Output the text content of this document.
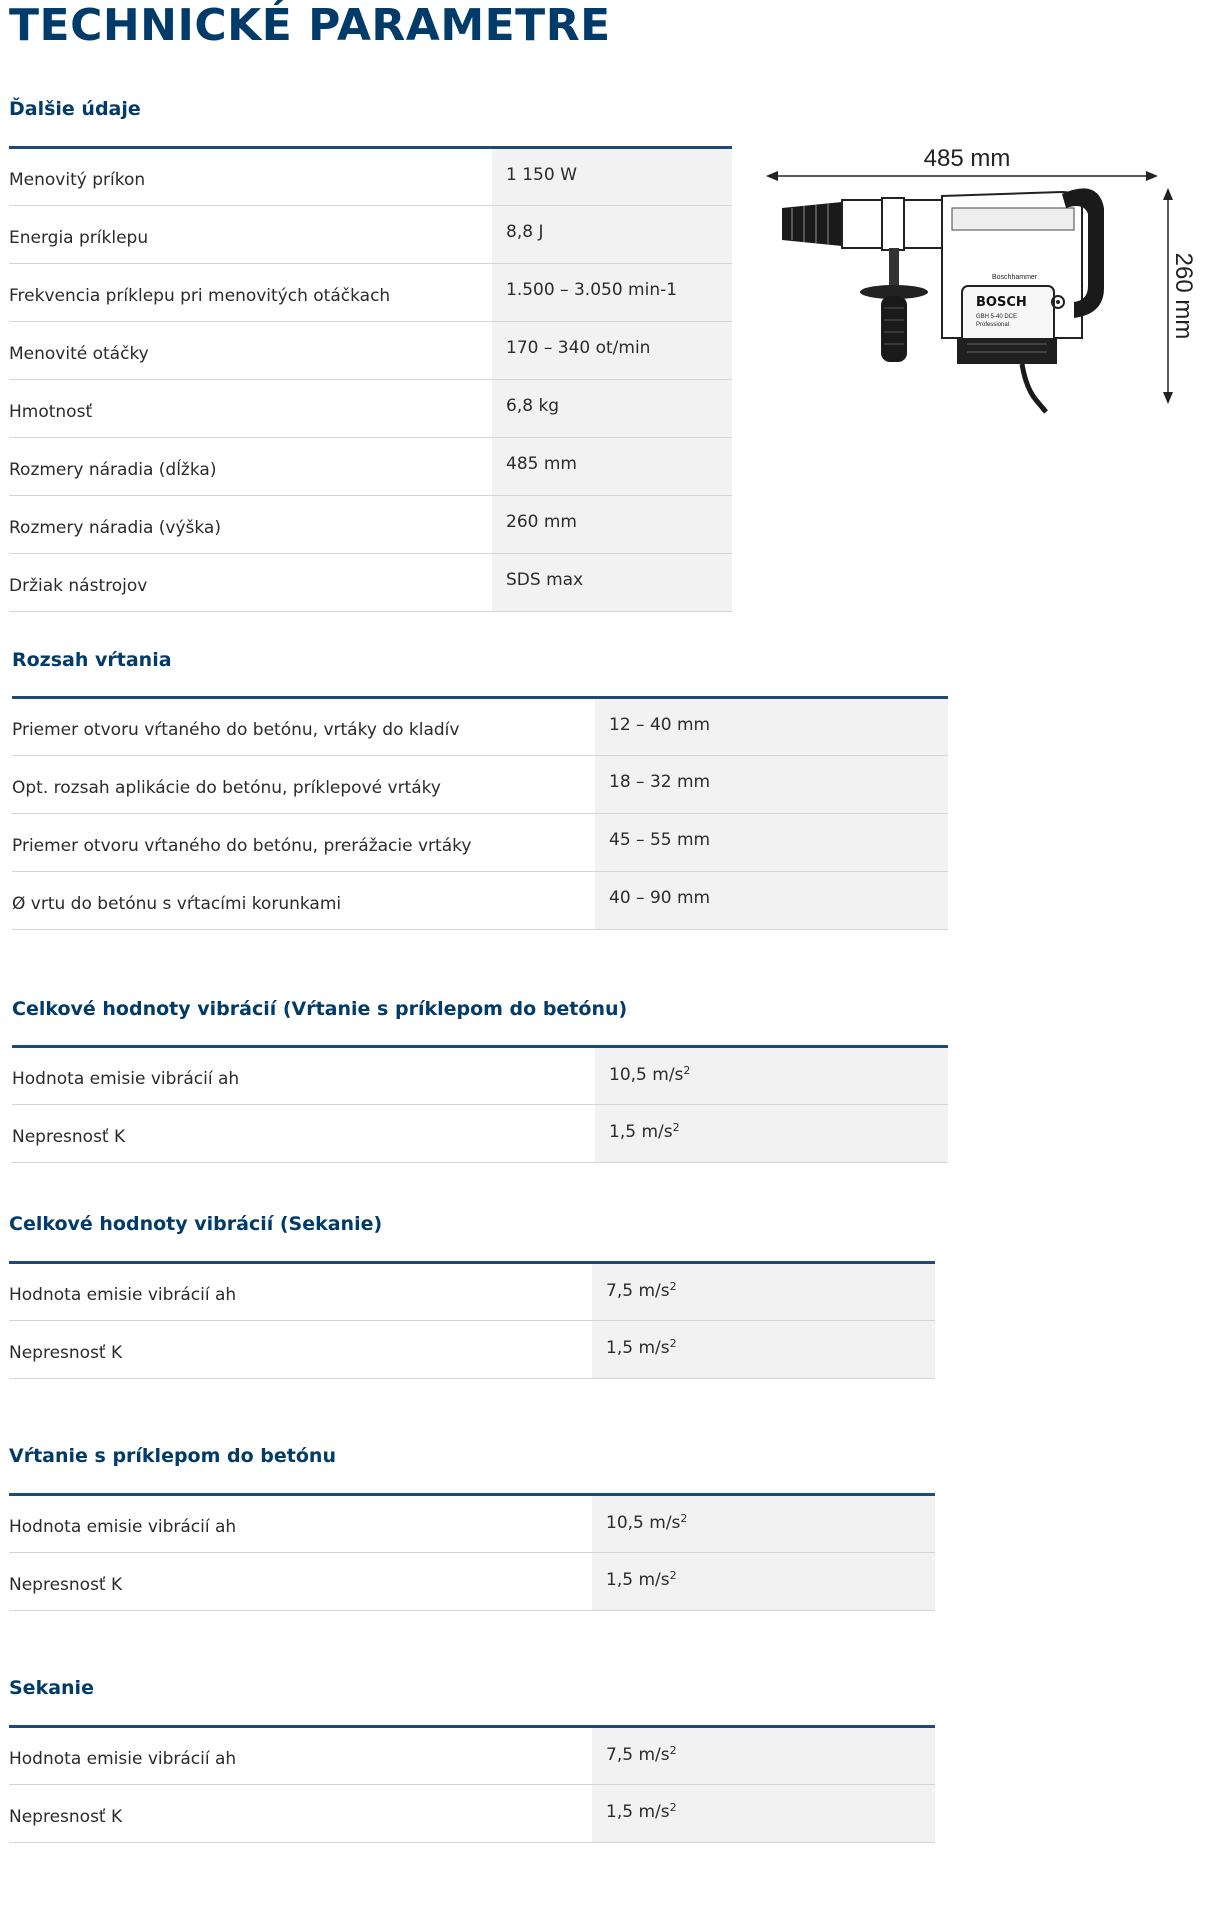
TECHNICKÉ PARAMETRE
Ďalšie údaje
Menovitý príkon	1 150 W
Energia príklepu	8,8 J
Frekvencia príklepu pri menovitých otáčkach	1.500 – 3.050 min-1
Menovité otáčky	170 – 340 ot/min
Hmotnosť	6,8 kg
Rozmery náradia (dĺžka)	485 mm
Rozmery náradia (výška)	260 mm
Držiak nástrojov	SDS max
485 mm
260 mm
Boschhammer
BOSCH
GBH 5-40 DCE
Professional
Rozsah vŕtania
Priemer otvoru vŕtaného do betónu, vrtáky do kladív	12 – 40 mm
Opt. rozsah aplikácie do betónu, príklepové vrtáky	18 – 32 mm
Priemer otvoru vŕtaného do betónu, prerážacie vrtáky	45 – 55 mm
Ø vrtu do betónu s vŕtacími korunkami	40 – 90 mm
Celkové hodnoty vibrácií (Vŕtanie s príklepom do betónu)
Hodnota emisie vibrácií ah	10,5 $m/s^2$
Nepresnosť K	1,5 $m/s^2$
Celkové hodnoty vibrácií (Sekanie)
Hodnota emisie vibrácií ah	7,5 $m/s^2$
Nepresnosť K	1,5 $m/s^2$
Vŕtanie s príklepom do betónu
Hodnota emisie vibrácií ah	10,5 $m/s^2$
Nepresnosť K	1,5 $m/s^2$
Sekanie
Hodnota emisie vibrácií ah	7,5 $m/s^2$
Nepresnosť K	1,5 $m/s^2$
